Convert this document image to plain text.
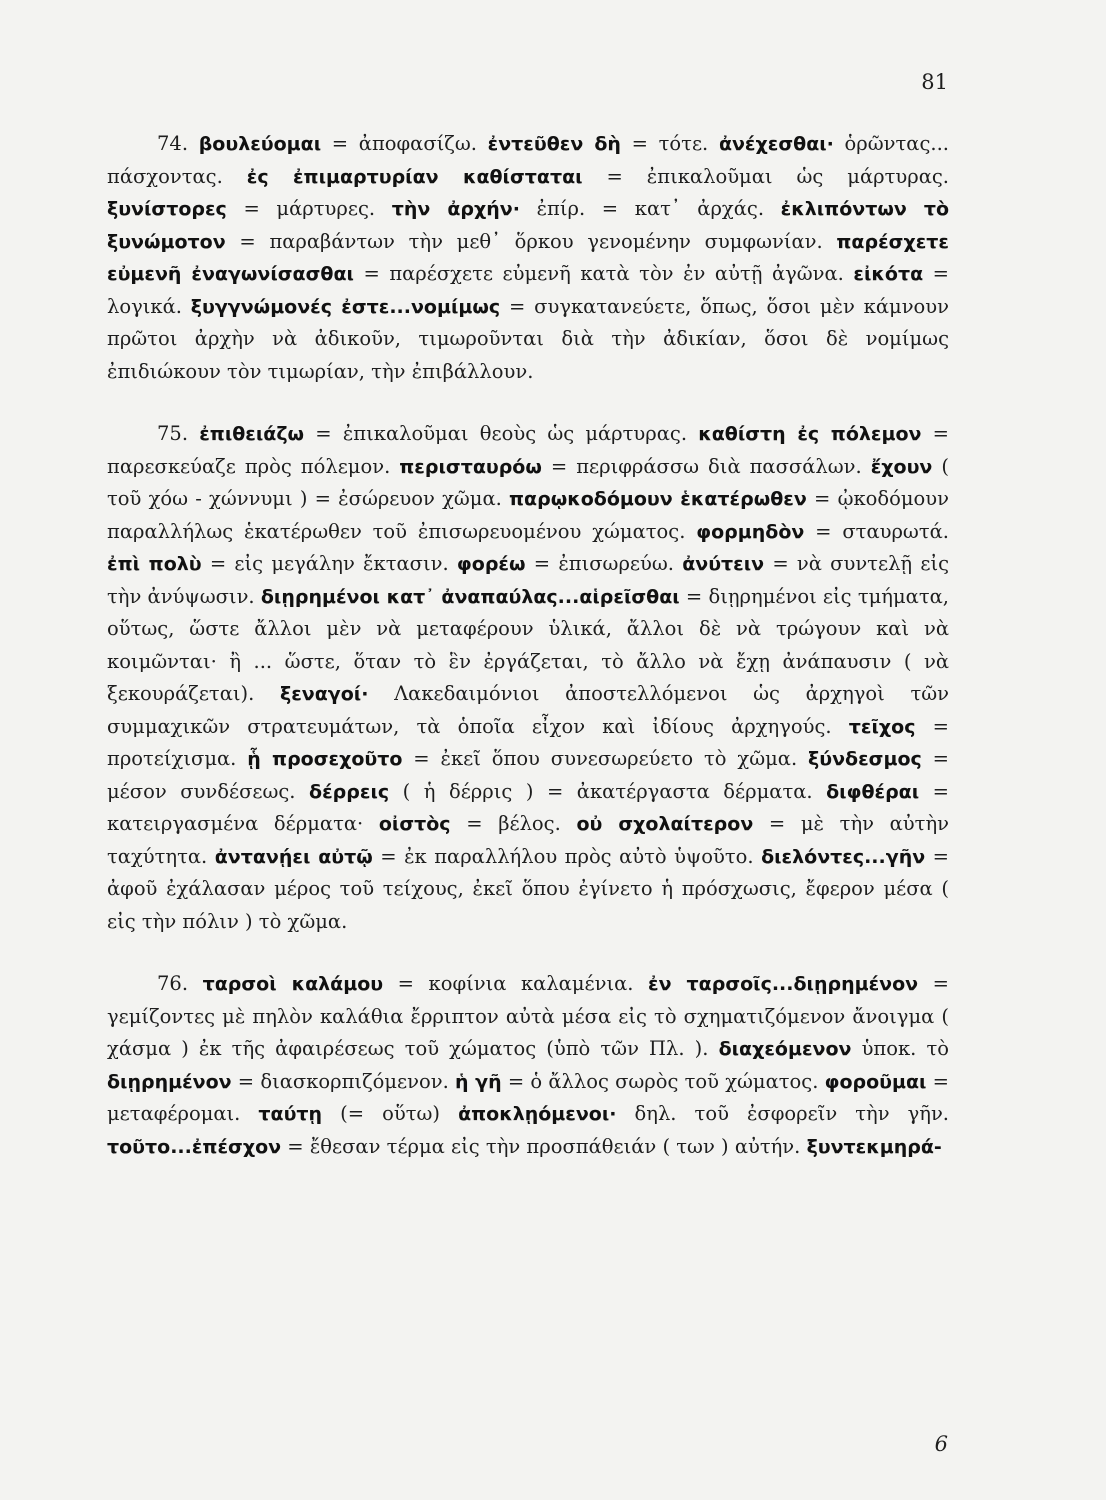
81

74. βουλεύομαι = ἀποφασίζω. ἐντεῦθεν δὴ = τότε. ἀνέχεσθαι· ὁρῶντας... πάσχοντας. ἐς ἐπιμαρτυρίαν καθίσταται = ἐπικαλοῦμαι ὡς μάρτυρας. ξυνίστορες = μάρτυρες. τὴν ἀρχήν· ἐπίρ. = κατ᾽ ἀρχάς. ἐκλιπόντων τὸ ξυνώμοτον = παραβάντων τὴν μεθ᾽ ὅρκου γενομένην συμφωνίαν. παρέσχετε εὐμενῆ ἐναγωνίσασθαι = παρέσχετε εὐμενῆ κατὰ τὸν ἐν αὐτῇ ἀγῶνα. εἰκότα = λογικά. ξυγγνώμονές ἐστε...νομίμως = συγκατανεύετε, ὅπως, ὅσοι μὲν κάμνουν πρῶτοι ἀρχὴν νὰ ἀδικοῦν, τιμωροῦνται διὰ τὴν ἀδικίαν, ὅσοι δὲ νομίμως ἐπιδιώκουν τὸν τιμωρίαν, τὴν ἐπιβάλλουν.

75. ἐπιθειάζω = ἐπικαλοῦμαι θεοὺς ὡς μάρτυρας. καθίστη ἐς πόλεμον = παρεσκεύαζε πρὸς πόλεμον. περισταυρόω = περιφράσσω διὰ πασσάλων. ἔχουν ( τοῦ χόω - χώννυμι ) = ἐσώρευον χῶμα. παρῳκοδόμουν ἑκατέρωθεν = ᾠκοδόμουν παραλλήλως ἑκατέρωθεν τοῦ ἐπισωρευομένου χώματος. φορμηδὸν = σταυρωτά. ἐπὶ πολὺ = εἰς μεγάλην ἔκτασιν. φορέω = ἐπισωρεύω. ἀνύτειν = νὰ συντελῇ εἰς τὴν ἀνύψωσιν. διῃρημένοι κατ᾽ ἀναπαύλας...αἱρεῖσθαι = διῃρημένοι εἰς τμήματα, οὕτως, ὥστε ἄλλοι μὲν νὰ μεταφέρουν ὑλικά, ἄλλοι δὲ νὰ τρώγουν καὶ νὰ κοιμῶνται· ἢ ... ὥστε, ὅταν τὸ ἓν ἐργάζεται, τὸ ἄλλο νὰ ἔχῃ ἀνάπαυσιν ( νὰ ξεκουράζεται). ξεναγοί· Λακεδαιμόνιοι ἀποστελλόμενοι ὡς ἀρχηγοὶ τῶν συμμαχικῶν στρατευμάτων, τὰ ὁποῖα εἶχον καὶ ἰδίους ἀρχηγούς. τεῖχος = προτείχισμα. ᾗ προσεχοῦτο = ἐκεῖ ὅπου συνεσωρεύετο τὸ χῶμα. ξύνδεσμος = μέσον συνδέσεως. δέρρεις ( ἡ δέρρις ) = ἀκατέργαστα δέρματα. διφθέραι = κατειργασμένα δέρματα· οἰστὸς = βέλος. οὐ σχολαίτερον = μὲ τὴν αὐτὴν ταχύτητα. ἀντανῄει αὐτῷ = ἐκ παραλλήλου πρὸς αὐτὸ ὑψοῦτο. διελόντες...γῆν = ἀφοῦ ἐχάλασαν μέρος τοῦ τείχους, ἐκεῖ ὅπου ἐγίνετο ἡ πρόσχωσις, ἔφερον μέσα ( εἰς τὴν πόλιν ) τὸ χῶμα.

76. ταρσοὶ καλάμου = κοφίνια καλαμένια. ἐν ταρσοῖς...διῃρημένον = γεμίζοντες μὲ πηλὸν καλάθια ἔρριπτον αὐτὰ μέσα εἰς τὸ σχηματιζόμενον ἄνοιγμα ( χάσμα ) ἐκ τῆς ἀφαιρέσεως τοῦ χώματος (ὑπὸ τῶν Πλ. ). διαχεόμενον ὑποκ. τὸ διῃρημένον = διασκορπιζόμενον. ἡ γῆ = ὁ ἄλλος σωρὸς τοῦ χώματος. φοροῦμαι = μεταφέρομαι. ταύτῃ (= οὕτω) ἀποκλῃόμενοι· δηλ. τοῦ ἐσφορεῖν τὴν γῆν. τοῦτο...ἐπέσχον = ἔθεσαν τέρμα εἰς τὴν προσπάθειάν ( των ) αὐτήν. ξυντεκμηρά-

6
